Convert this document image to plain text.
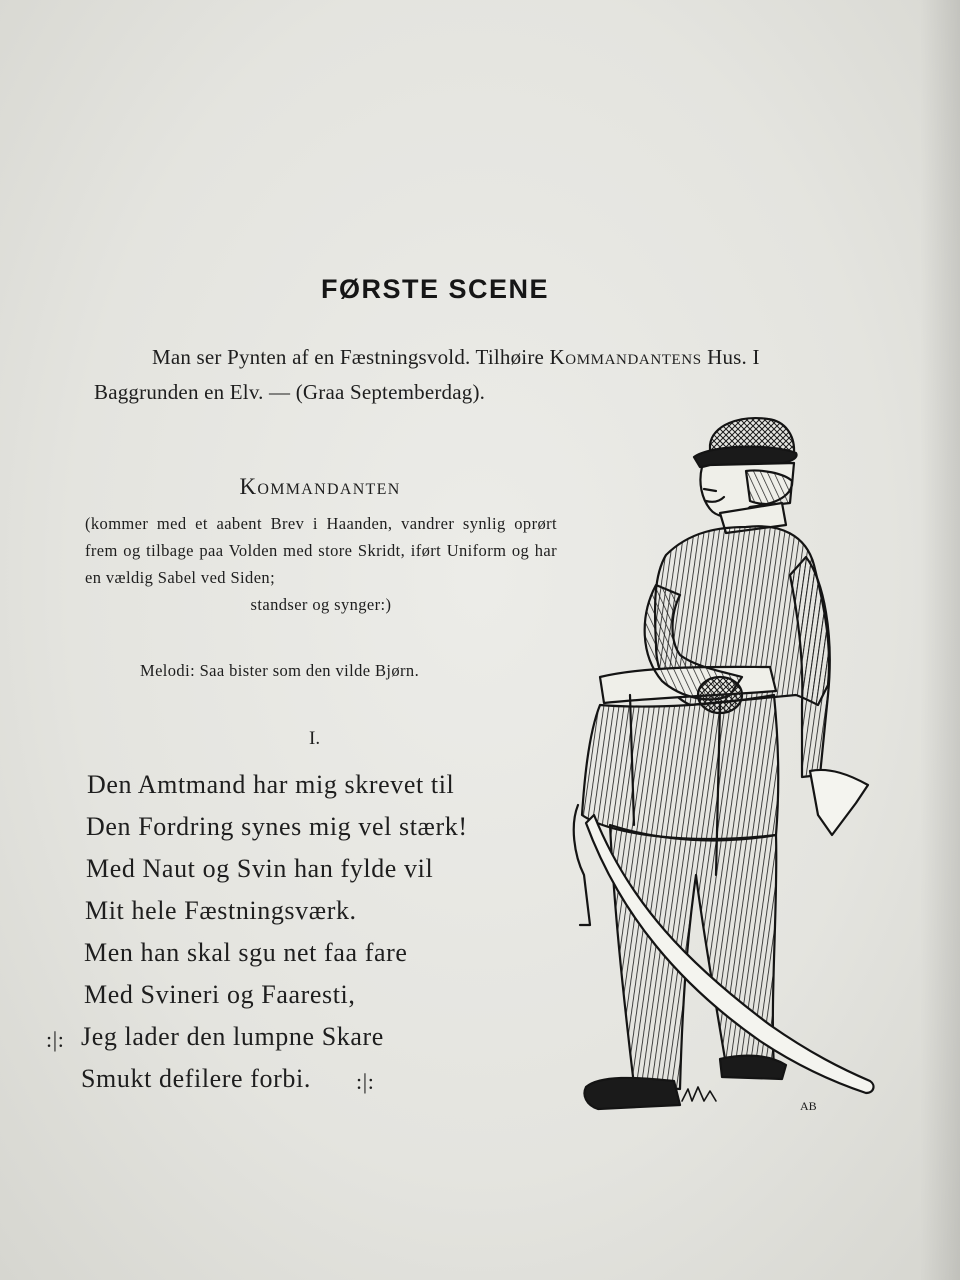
FØRSTE SCENE
Man ser Pynten af en Fæstningsvold. Tilhøire Kommandantens Hus. I Baggrunden en Elv. — (Graa Septemberdag).
Kommandanten
(kommer med et aabent Brev i Haanden, vandrer synlig oprørt frem og tilbage paa Volden med store Skridt, iført Uniform og har en vældig Sabel ved Siden;
standser og synger:)
Melodi: Saa bister som den vilde Bjørn.
I.
Den Amtmand har mig skrevet til
Den Fordring synes mig vel stærk!
Med Naut og Svin han fylde vil
Mit hele Fæstningsværk.
Men han skal sgu net faa fare
Med Svineri og Faaresti,
:|: Jeg lader den lumpne Skare
Smukt defilere forbi. :|:
AB
